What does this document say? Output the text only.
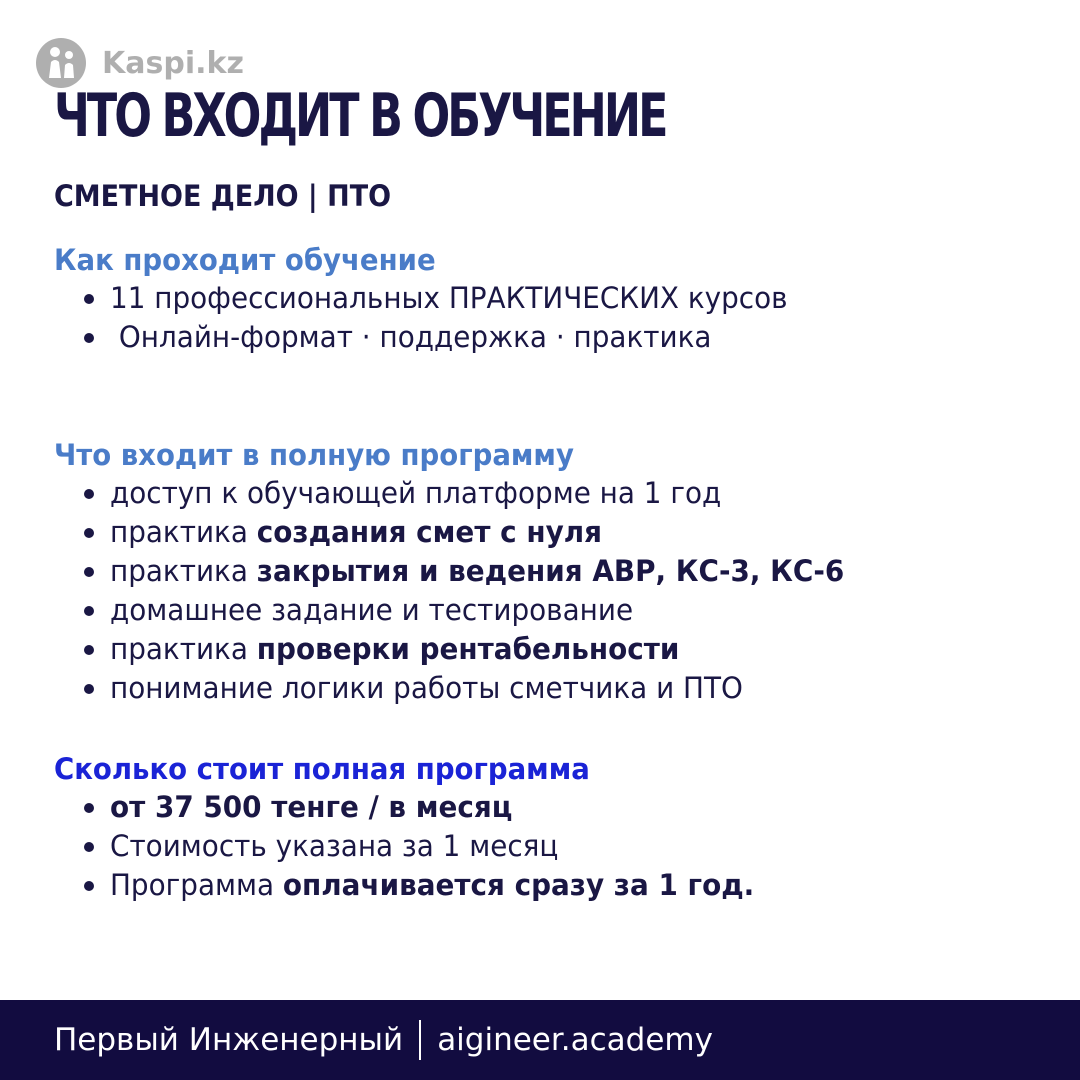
Kaspi.kz
ЧТО ВХОДИТ В ОБУЧЕНИЕ
СМЕТНОЕ ДЕЛО | ПТО
Как проходит обучение
11 профессиональных ПРАКТИЧЕСКИХ курсов
Онлайн-формат · поддержка · практика
Что входит в полную программу
доступ к обучающей платформе на 1 год
практика создания смет с нуля
практика закрытия и ведения АВР, КС-3, КС-6
домашнее задание и тестирование
практика проверки рентабельности
понимание логики работы сметчика и ПТО
Сколько стоит полная программа
от 37 500 тенге / в месяц
Стоимость указана за 1 месяц
Программа оплачивается сразу за 1 год.
Первый Инженерный aigineer.academy
